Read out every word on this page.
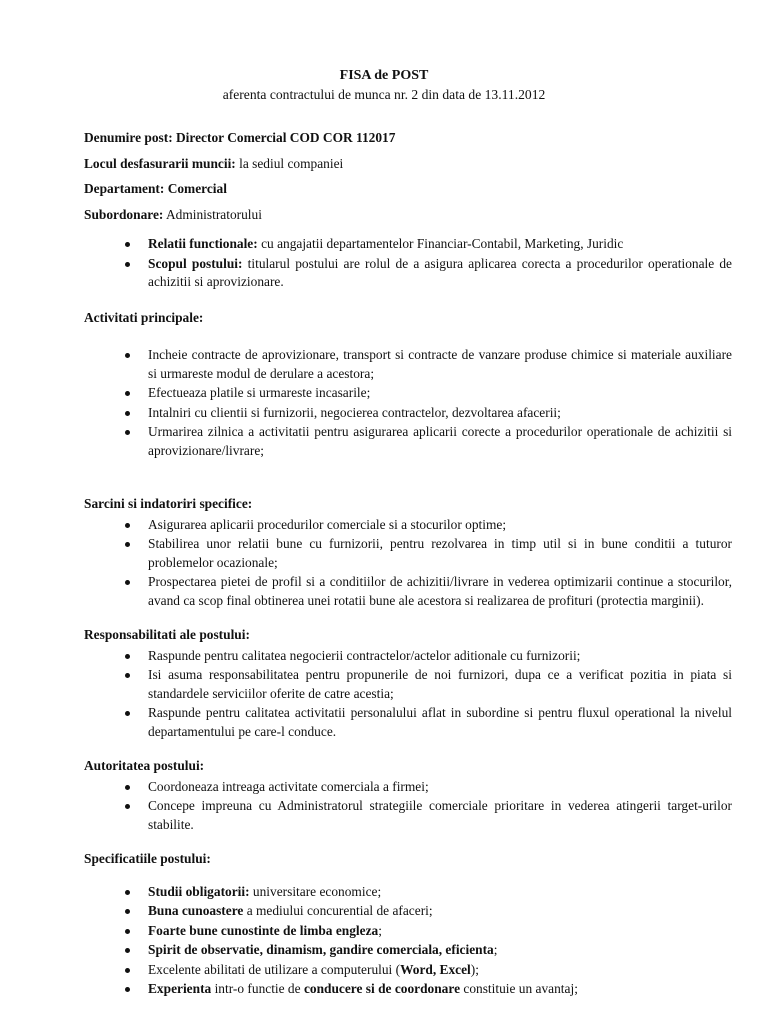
FISA de POST
aferenta contractului de munca nr. 2 din data de 13.11.2012
Denumire post: Director Comercial COD COR 112017
Locul desfasurarii muncii: la sediul companiei
Departament: Comercial
Subordonare: Administratorului
Relatii functionale: cu angajatii departamentelor Financiar-Contabil, Marketing, Juridic
Scopul postului: titularul postului are rolul de a asigura aplicarea corecta a procedurilor operationale de achizitii si aprovizionare.
Activitati principale:
Incheie contracte de aprovizionare, transport si contracte de vanzare produse chimice si materiale auxiliare si urmareste modul de derulare a acestora;
Efectueaza platile si urmareste incasarile;
Intalniri cu clientii si furnizorii, negocierea contractelor, dezvoltarea afacerii;
Urmarirea zilnica a activitatii pentru asigurarea aplicarii corecte a procedurilor operationale de achizitii si aprovizionare/livrare;
Sarcini si indatoriri specifice:
Asigurarea aplicarii procedurilor comerciale si a stocurilor optime;
Stabilirea unor relatii bune cu furnizorii, pentru rezolvarea in timp util si in bune conditii a tuturor problemelor ocazionale;
Prospectarea pietei de profil si a conditiilor de achizitii/livrare in vederea optimizarii continue a stocurilor, avand ca scop final obtinerea unei rotatii bune ale acestora si realizarea de profituri (protectia marginii).
Responsabilitati ale postului:
Raspunde pentru calitatea negocierii contractelor/actelor aditionale cu furnizorii;
Isi asuma responsabilitatea pentru propunerile de noi furnizori, dupa ce a verificat pozitia in piata si standardele serviciilor oferite de catre acestia;
Raspunde pentru calitatea activitatii personalului aflat in subordine si pentru fluxul operational la nivelul departamentului pe care-l conduce.
Autoritatea postului:
Coordoneaza intreaga activitate comerciala a firmei;
Concepe impreuna cu Administratorul strategiile comerciale prioritare in vederea atingerii target-urilor stabilite.
Specificatiile postului:
Studii obligatorii: universitare economice;
Buna cunoastere a mediului concurential de afaceri;
Foarte bune cunostinte de limba engleza;
Spirit de observatie, dinamism, gandire comerciala, eficienta;
Excelente abilitati de utilizare a computerului (Word, Excel);
Experienta intr-o functie de conducere si de coordonare constituie un avantaj;
